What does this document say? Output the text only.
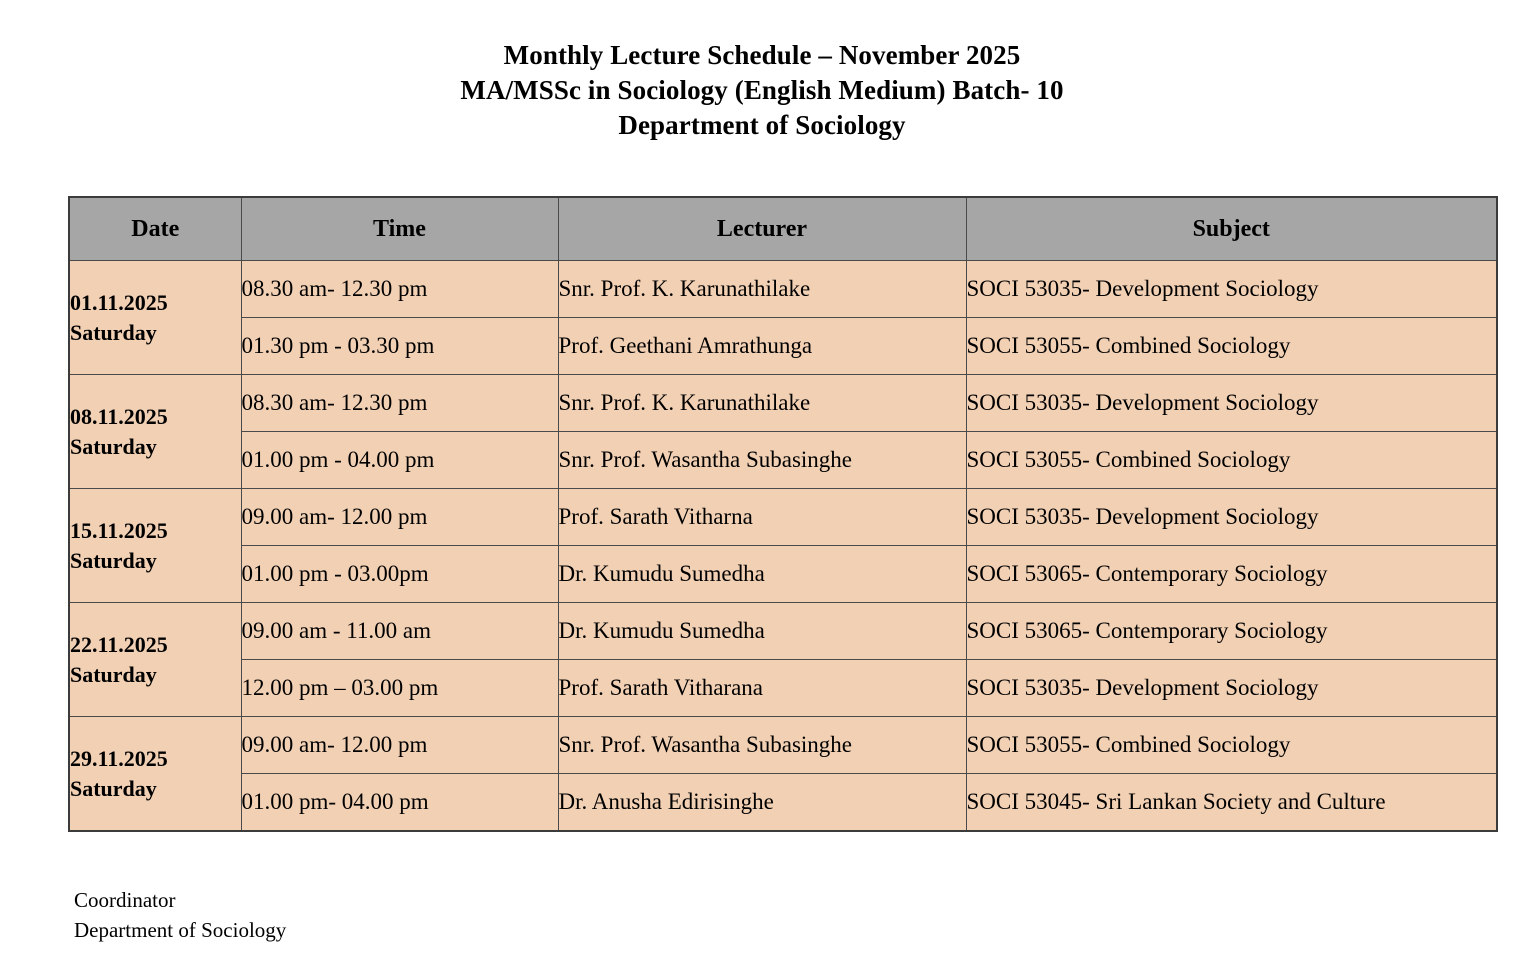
Monthly Lecture Schedule – November 2025
MA/MSSc in Sociology (English Medium) Batch- 10
Department of Sociology
Date	Time	Lecturer	Subject

01.11.2025
Saturday	08.30 am- 12.30 pm	Snr. Prof. K. Karunathilake	SOCI 53035- Development Sociology
	01.30 pm - 03.30 pm	Prof. Geethani Amrathunga	SOCI 53055- Combined Sociology

08.11.2025
Saturday	08.30 am- 12.30 pm	Snr. Prof. K. Karunathilake	SOCI 53035- Development Sociology
	01.00 pm - 04.00 pm	Snr. Prof. Wasantha Subasinghe	SOCI 53055- Combined Sociology

15.11.2025
Saturday	09.00 am- 12.00 pm	Prof. Sarath Vitharna	SOCI 53035- Development Sociology
	01.00 pm - 03.00pm	Dr. Kumudu Sumedha	SOCI 53065- Contemporary Sociology

22.11.2025
Saturday	09.00 am - 11.00 am	Dr. Kumudu Sumedha	SOCI 53065- Contemporary Sociology
	12.00 pm – 03.00 pm	Prof. Sarath Vitharana	SOCI 53035- Development Sociology

29.11.2025
Saturday	09.00 am- 12.00 pm	Snr. Prof. Wasantha Subasinghe	SOCI 53055- Combined Sociology
	01.00 pm- 04.00 pm	Dr. Anusha Edirisinghe	SOCI 53045- Sri Lankan Society and Culture
Coordinator
Department of Sociology
